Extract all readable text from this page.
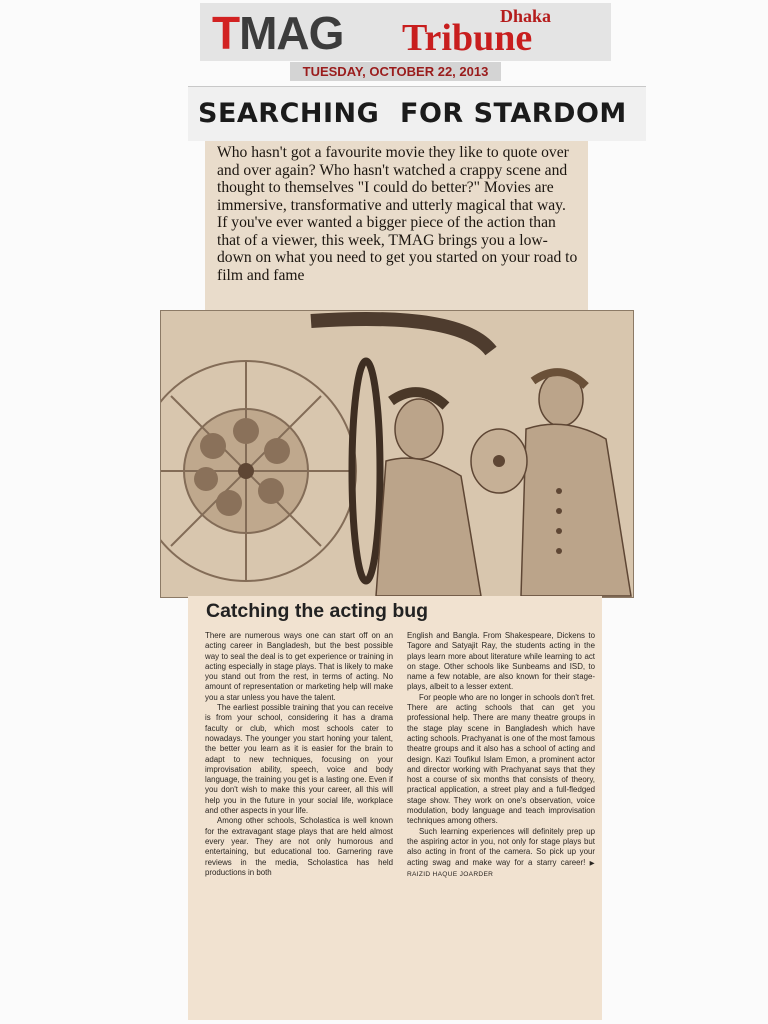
TMAG	Dhaka
Tribune
TUESDAY, OCTOBER 22, 2013
SEARCHING FOR STARDOM

Who hasn't got a favourite movie they like to quote over and over again? Who hasn't watched a crappy scene and thought to themselves "I could do better?" Movies are immersive, transformative and utterly magical that way. If you've ever wanted a bigger piece of the action than that of a viewer, this week, TMAG brings you a low-down on what you need to get you started on your road to film and fame

Catching the acting bug

There are numerous ways one can start off on an acting career in Bangladesh, but the best possible way to seal the deal is to get experience or training in acting especially in stage plays. That is likely to make you stand out from the rest, in terms of acting. No amount of representation or marketing help will make you a star unless you have the talent.

The earliest possible training that you can receive is from your school, considering it has a drama faculty or club, which most schools cater to nowadays. The younger you start honing your talent, the better you learn as it is easier for the brain to adapt to new techniques, focusing on your improvisation ability, speech, voice and body language, the training you get is a lasting one. Even if you don't wish to make this your career, all this will help you in the future in your social life, workplace and other aspects in your life.

Among other schools, Scholastica is well known for the extravagant stage plays that are held almost every year. They are not only humorous and entertaining, but educational too. Garnering rave reviews in the media, Scholastica has held productions in both

English and Bangla. From Shakespeare, Dickens to Tagore and Satyajit Ray, the students acting in the plays learn more about literature while learning to act on stage. Other schools like Sunbeams and ISD, to name a few notable, are also known for their stage-plays, albeit to a lesser extent.

For people who are no longer in schools don't fret. There are acting schools that can get you professional help. There are many theatre groups in the stage play scene in Bangladesh which have acting schools. Prachyanat is one of the most famous theatre groups and it also has a school of acting and design. Kazi Toufikul Islam Emon, a prominent actor and director working with Prachyanat says that they host a course of six months that consists of theory, practical application, a street play and a full-fledged stage show. They work on one's observation, voice modulation, body language and teach improvisation techniques among others.

Such learning experiences will definitely prep up the aspiring actor in you, not only for stage plays but also acting in front of the camera. So pick up your acting swag and make way for a starry career! ▶ RAIZID HAQUE JOARDER
